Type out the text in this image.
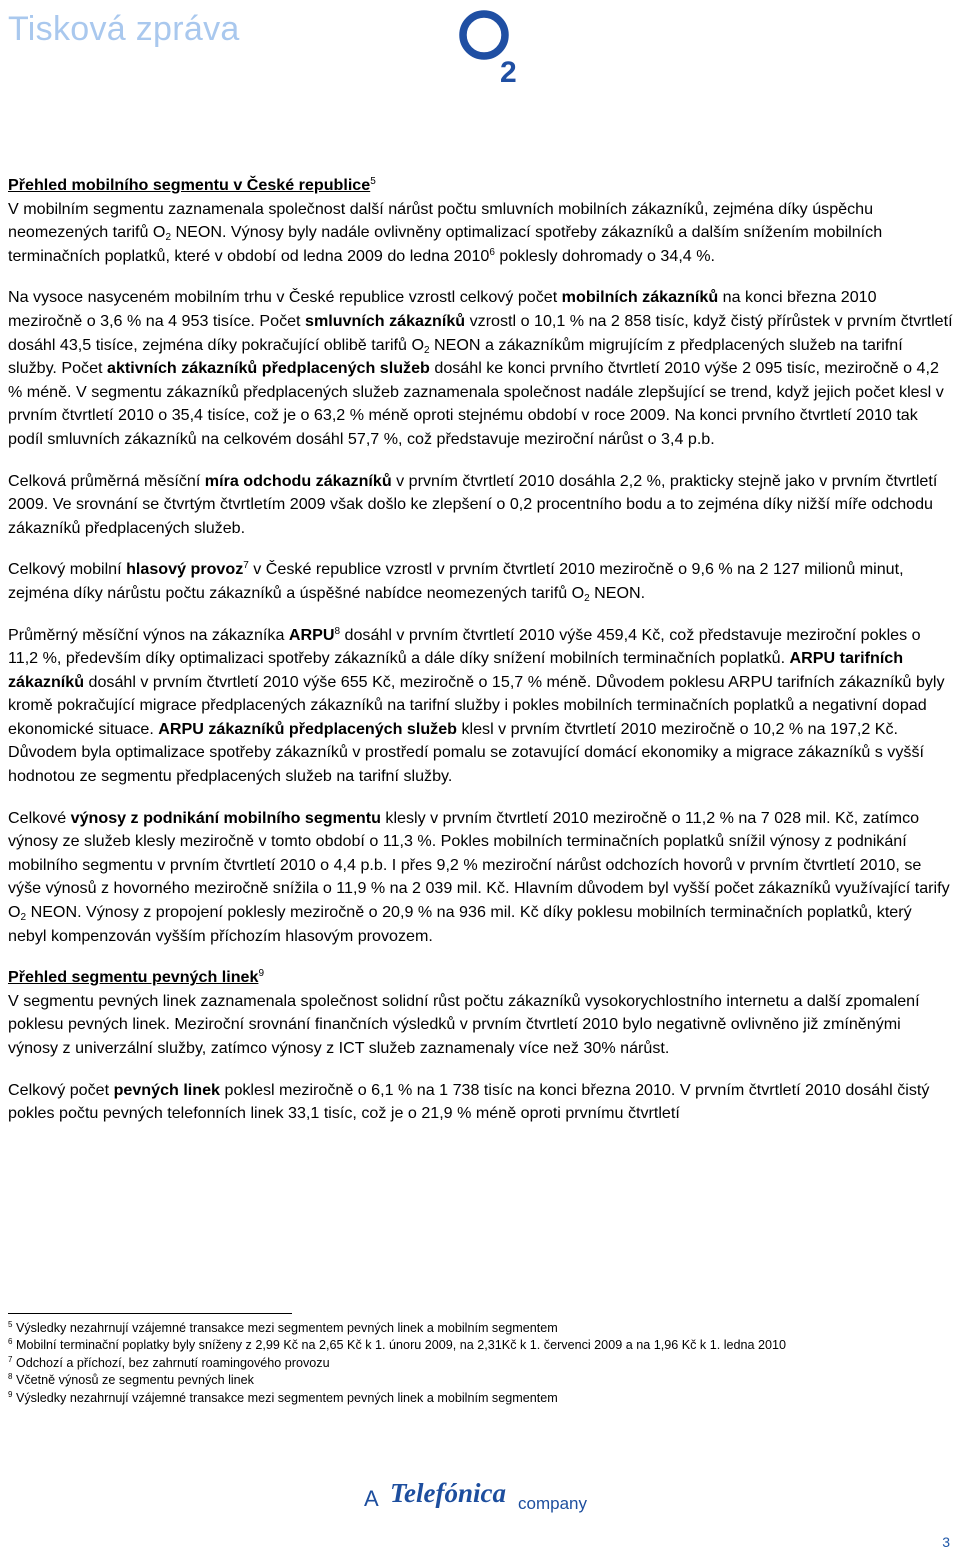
Tisková zpráva
2

Přehled mobilního segmentu v České republice$^5$
V mobilním segmentu zaznamenala společnost další nárůst počtu smluvních mobilních zákazníků, zejména díky úspěchu neomezených tarifů $O_2$ NEON. Výnosy byly nadále ovlivněny optimalizací spotřeby zákazníků a dalším snížením mobilních terminačních poplatků, které v období od ledna 2009 do ledna 2010$^6$ poklesly dohromady o 34,4 %.

Na vysoce nasyceném mobilním trhu v České republice vzrostl celkový počet mobilních zákazníků na konci března 2010 meziročně o 3,6 % na 4 953 tisíce. Počet smluvních zákazníků vzrostl o 10,1 % na 2 858 tisíc, když čistý přírůstek v prvním čtvrtletí dosáhl 43,5 tisíce, zejména díky pokračující oblibě tarifů $O_2$ NEON a zákazníkům migrujícím z předplacených služeb na tarifní služby. Počet aktivních zákazníků předplacených služeb dosáhl ke konci prvního čtvrtletí 2010 výše 2 095 tisíc, meziročně o 4,2 % méně. V segmentu zákazníků předplacených služeb zaznamenala společnost nadále zlepšující se trend, když jejich počet klesl v prvním čtvrtletí 2010 o 35,4 tisíce, což je o 63,2 % méně oproti stejnému období v roce 2009. Na konci prvního čtvrtletí 2010 tak podíl smluvních zákazníků na celkovém dosáhl 57,7 %, což představuje meziroční nárůst o 3,4 p.b.

Celková průměrná měsíční míra odchodu zákazníků v prvním čtvrtletí 2010 dosáhla 2,2 %, prakticky stejně jako v prvním čtvrtletí 2009. Ve srovnání se čtvrtým čtvrtletím 2009 však došlo ke zlepšení o 0,2 procentního bodu a to zejména díky nižší míře odchodu zákazníků předplacených služeb.

Celkový mobilní hlasový provoz$^7$ v České republice vzrostl v prvním čtvrtletí 2010 meziročně o 9,6 % na 2 127 milionů minut, zejména díky nárůstu počtu zákazníků a úspěšné nabídce neomezených tarifů $O_2$ NEON.

Průměrný měsíční výnos na zákazníka ARPU$^8$ dosáhl v prvním čtvrtletí 2010 výše 459,4 Kč, což představuje meziroční pokles o 11,2 %, především díky optimalizaci spotřeby zákazníků a dále díky snížení mobilních terminačních poplatků. ARPU tarifních zákazníků dosáhl v prvním čtvrtletí 2010 výše 655 Kč, meziročně o 15,7 % méně. Důvodem poklesu ARPU tarifních zákazníků byly kromě pokračující migrace předplacených zákazníků na tarifní služby i pokles mobilních terminačních poplatků a negativní dopad ekonomické situace. ARPU zákazníků předplacených služeb klesl v prvním čtvrtletí 2010 meziročně o 10,2 % na 197,2 Kč. Důvodem byla optimalizace spotřeby zákazníků v prostředí pomalu se zotavující domácí ekonomiky a migrace zákazníků s vyšší hodnotou ze segmentu předplacených služeb na tarifní služby.

Celkové výnosy z podnikání mobilního segmentu klesly v prvním čtvrtletí 2010 meziročně o 11,2 % na 7 028 mil. Kč, zatímco výnosy ze služeb klesly meziročně v tomto období o 11,3 %. Pokles mobilních terminačních poplatků snížil výnosy z podnikání mobilního segmentu v prvním čtvrtletí 2010 o 4,4 p.b. I přes 9,2 % meziroční nárůst odchozích hovorů v prvním čtvrtletí 2010, se výše výnosů z hovorného meziročně snížila o 11,9 % na 2 039 mil. Kč. Hlavním důvodem byl vyšší počet zákazníků využívající tarify $O_2$ NEON. Výnosy z propojení poklesly meziročně o 20,9 % na 936 mil. Kč díky poklesu mobilních terminačních poplatků, který nebyl kompenzován vyšším příchozím hlasovým provozem.

Přehled segmentu pevných linek$^9$
V segmentu pevných linek zaznamenala společnost solidní růst počtu zákazníků vysokorychlostního internetu a další zpomalení poklesu pevných linek. Meziroční srovnání finančních výsledků v prvním čtvrtletí 2010 bylo negativně ovlivněno již zmíněnými výnosy z univerzální služby, zatímco výnosy z ICT služeb zaznamenaly více než 30% nárůst.

Celkový počet pevných linek poklesl meziročně o 6,1 % na 1 738 tisíc na konci března 2010. V prvním čtvrtletí 2010 dosáhl čistý pokles počtu pevných telefonních linek 33,1 tisíc, což je o 21,9 % méně oproti prvnímu čtvrtletí

$^5$ Výsledky nezahrnují vzájemné transakce mezi segmentem pevných linek a mobilním segmentem

$^6$ Mobilní terminační poplatky byly sníženy z 2,99 Kč na 2,65 Kč k 1. únoru 2009, na 2,31Kč k 1. červenci 2009 a na 1,96 Kč k 1. ledna 2010

$^7$ Odchozí a příchozí, bez zahrnutí roamingového provozu

$^8$ Včetně výnosů ze segmentu pevných linek

$^9$ Výsledky nezahrnují vzájemné transakce mezi segmentem pevných linek a mobilním segmentem

A Telefónica company
3
